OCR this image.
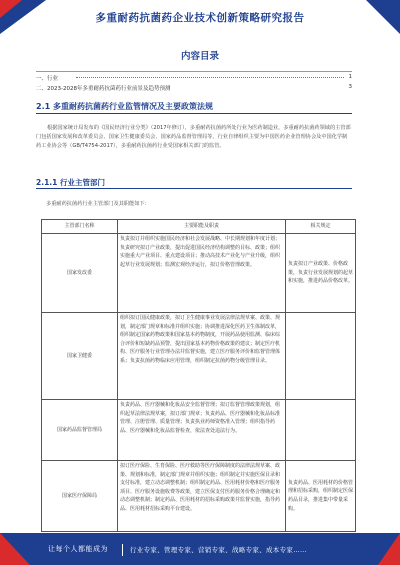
多重耐药抗菌药企业技术创新策略研究报告
内容目录
一、行业	1
二、2023-2028年多重耐药抗菌药行业前景及趋势预测	3
2.1 多重耐药抗菌药行业监管情况及主要政策法规
根据国家统计局发布的《国民经济行业分类》（2017年修订），多重耐药抗菌药所处行业为医药制造业，多重耐药抗菌药领域的主管部门包括国家发展和改革委员会、国家卫生健康委员会、国家药品监督管理局等，行业自律组织主要为中国医药企业管理协会及中国化学制药工业协会等（GB/T4754-2017），多重耐药抗菌药行业受国家相关部门的监管。
2.1.1 行业主管部门
多重耐药抗菌药行业主管部门及其职能如下：
主管部门名称	主要职能及职责	相关规定
国家发改委	负责拟订并组织实施国民经济和社会发展战略、中长期规划和年度计划；负责研究拟订产业政策，提出促进国民经济结构调整的目标、政策；组织实施重大产业项目、重点建设项目；推动高技术产业化与产业升级，组织起草行业发展规划；监测宏观经济运行，拟订价格管理政策。	负责拟订产业政策、价格政策，负责行业发展规划的起草和实施，推进药品价格改革。

国家卫健委	组织拟订国民健康政策，拟订卫生健康事业发展法律法规草案、政策、规划，制定部门规章和标准并组织实施；协调推进深化医药卫生体制改革，组织制定国家药物政策和国家基本药物制度，开展药品使用监测、临床综合评价和短缺药品预警，提出国家基本药物价格政策的建议；制定医疗机构、医疗服务行业管理办法并监督实施，建立医疗服务评价和监督管理体系；负责抗菌药物临床应用管理，组织制定抗菌药物分级管理目录。	

国家药品监督管理局	负责药品、医疗器械和化妆品安全监督管理；拟订监督管理政策规划，组织起草法律法规草案，拟订部门规章；负责药品、医疗器械和化妆品标准管理、注册管理、质量管理；负责执业药师资格准入管理；组织指导药品、医疗器械和化妆品监督检查，依法查处违法行为。	

国家医疗保障局	拟订医疗保险、生育保险、医疗救助等医疗保障制度的法律法规草案、政策、规划和标准，制定部门规章并组织实施；组织制定并实施医保目录和支付标准，建立动态调整机制；组织制定药品、医用耗材价格和医疗服务项目、医疗服务设施收费等政策，建立医保支付医药服务价格合理确定和动态调整机制；制定药品、医用耗材的招标采购政策并监督实施，指导药品、医用耗材招标采购平台建设。	负责药品、医用耗材的价格管理和招标采购，组织制定医保药品目录，推进集中带量采购。
让每个人都能成为	行业专家、管理专家、营销专家、战略专家、成本专家……
